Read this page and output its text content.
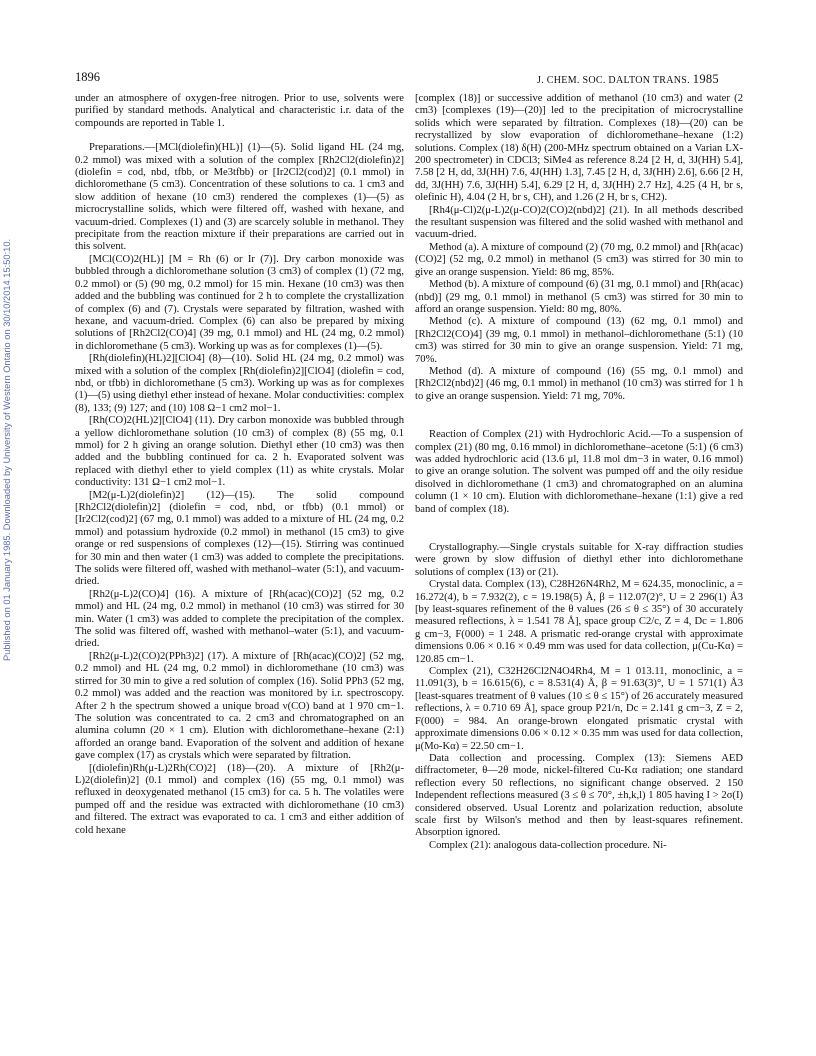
Published on 01 January 1985. Downloaded by University of Western Ontario on 30/10/2014 15:50:10.
1896	J. CHEM. SOC. DALTON TRANS. 1985

under an atmosphere of oxygen-free nitrogen. Prior to use, solvents were purified by standard methods. Analytical and characteristic i.r. data of the compounds are reported in Table 1.

Preparations.—[MCl(diolefin)(HL)] (1)—(5). Solid ligand HL (24 mg, 0.2 mmol) was mixed with a solution of the complex [Rh2Cl2(diolefin)2] (diolefin = cod, nbd, tfbb, or Me3tfbb) or [Ir2Cl2(cod)2] (0.1 mmol) in dichloromethane (5 cm3). Concentration of these solutions to ca. 1 cm3 and slow addition of hexane (10 cm3) rendered the complexes (1)—(5) as microcrystalline solids, which were filtered off, washed with hexane, and vacuum-dried. Complexes (1) and (3) are scarcely soluble in methanol. They precipitate from the reaction mixture if their preparations are carried out in this solvent.

[MCl(CO)2(HL)] [M = Rh (6) or Ir (7)]. Dry carbon monoxide was bubbled through a dichloromethane solution (3 cm3) of complex (1) (72 mg, 0.2 mmol) or (5) (90 mg, 0.2 mmol) for 15 min. Hexane (10 cm3) was then added and the bubbling was continued for 2 h to complete the crystallization of complex (6) and (7). Crystals were separated by filtration, washed with hexane, and vacuum-dried. Complex (6) can also be prepared by mixing solutions of [Rh2Cl2(CO)4] (39 mg, 0.1 mmol) and HL (24 mg, 0.2 mmol) in dichloromethane (5 cm3). Working up was as for complexes (1)—(5).

[Rh(diolefin)(HL)2][ClO4] (8)—(10). Solid HL (24 mg, 0.2 mmol) was mixed with a solution of the complex [Rh(diolefin)2][ClO4] (diolefin = cod, nbd, or tfbb) in dichloromethane (5 cm3). Working up was as for complexes (1)—(5) using diethyl ether instead of hexane. Molar conductivities: complex (8), 133; (9) 127; and (10) 108 Ω−1 cm2 mol−1.

[Rh(CO)2(HL)2][ClO4] (11). Dry carbon monoxide was bubbled through a yellow dichloromethane solution (10 cm3) of complex (8) (55 mg, 0.1 mmol) for 2 h giving an orange solution. Diethyl ether (10 cm3) was then added and the bubbling continued for ca. 2 h. Evaporated solvent was replaced with diethyl ether to yield complex (11) as white crystals. Molar conductivity: 131 Ω−1 cm2 mol−1.

[M2(μ-L)2(diolefin)2] (12)—(15). The solid compound [Rh2Cl2(diolefin)2] (diolefin = cod, nbd, or tfbb) (0.1 mmol) or [Ir2Cl2(cod)2] (67 mg, 0.1 mmol) was added to a mixture of HL (24 mg, 0.2 mmol) and potassium hydroxide (0.2 mmol) in methanol (15 cm3) to give orange or red suspensions of complexes (12)—(15). Stirring was continued for 30 min and then water (1 cm3) was added to complete the precipitations. The solids were filtered off, washed with methanol–water (5:1), and vacuum-dried.

[Rh2(μ-L)2(CO)4] (16). A mixture of [Rh(acac)(CO)2] (52 mg, 0.2 mmol) and HL (24 mg, 0.2 mmol) in methanol (10 cm3) was stirred for 30 min. Water (1 cm3) was added to complete the precipitation of the complex. The solid was filtered off, washed with methanol–water (5:1), and vacuum-dried.

[Rh2(μ-L)2(CO)2(PPh3)2] (17). A mixture of [Rh(acac)(CO)2] (52 mg, 0.2 mmol) and HL (24 mg, 0.2 mmol) in dichloromethane (10 cm3) was stirred for 30 min to give a red solution of complex (16). Solid PPh3 (52 mg, 0.2 mmol) was added and the reaction was monitored by i.r. spectroscopy. After 2 h the spectrum showed a unique broad ν(CO) band at 1 970 cm−1. The solution was concentrated to ca. 2 cm3 and chromatographed on an alumina column (20 × 1 cm). Elution with dichloromethane–hexane (2:1) afforded an orange band. Evaporation of the solvent and addition of hexane gave complex (17) as crystals which were separated by filtration.

[(diolefin)Rh(μ-L)2Rh(CO)2] (18)—(20). A mixture of [Rh2(μ-L)2(diolefin)2] (0.1 mmol) and complex (16) (55 mg, 0.1 mmol) was refluxed in deoxygenated methanol (15 cm3) for ca. 5 h. The volatiles were pumped off and the residue was extracted with dichloromethane (10 cm3) and filtered. The extract was evaporated to ca. 1 cm3 and either addition of cold hexane

[complex (18)] or successive addition of methanol (10 cm3) and water (2 cm3) [complexes (19)—(20)] led to the precipitation of microcrystalline solids which were separated by filtration. Complexes (18)—(20) can be recrystallized by slow evaporation of dichloromethane–hexane (1:2) solutions. Complex (18) δ(H) (200-MHz spectrum obtained on a Varian LX-200 spectrometer) in CDCl3; SiMe4 as reference 8.24 [2 H, d, 3J(HH) 5.4], 7.58 [2 H, dd, 3J(HH) 7.6, 4J(HH) 1.3], 7.45 [2 H, d, 3J(HH) 2.6], 6.66 [2 H, dd, 3J(HH) 7.6, 3J(HH) 5.4], 6.29 [2 H, d, 3J(HH) 2.7 Hz], 4.25 (4 H, br s, olefinic H), 4.04 (2 H, br s, CH), and 1.26 (2 H, br s, CH2).

[Rh4(μ-Cl)2(μ-L)2(μ-CO)2(CO)2(nbd)2] (21). In all methods described the resultant suspension was filtered and the solid washed with methanol and vacuum-dried.

Method (a). A mixture of compound (2) (70 mg, 0.2 mmol) and [Rh(acac)(CO)2] (52 mg, 0.2 mmol) in methanol (5 cm3) was stirred for 30 min to give an orange suspension. Yield: 86 mg, 85%.

Method (b). A mixture of compound (6) (31 mg, 0.1 mmol) and [Rh(acac)(nbd)] (29 mg, 0.1 mmol) in methanol (5 cm3) was stirred for 30 min to afford an orange suspension. Yield: 80 mg, 80%.

Method (c). A mixture of compound (13) (62 mg, 0.1 mmol) and [Rh2Cl2(CO)4] (39 mg, 0.1 mmol) in methanol–dichloromethane (5:1) (10 cm3) was stirred for 30 min to give an orange suspension. Yield: 71 mg, 70%.

Method (d). A mixture of compound (16) (55 mg, 0.1 mmol) and [Rh2Cl2(nbd)2] (46 mg, 0.1 mmol) in methanol (10 cm3) was stirred for 1 h to give an orange suspension. Yield: 71 mg, 70%.

Reaction of Complex (21) with Hydrochloric Acid.—To a suspension of complex (21) (80 mg, 0.16 mmol) in dichloromethane–acetone (5:1) (6 cm3) was added hydrochloric acid (13.6 μl, 11.8 mol dm−3 in water, 0.16 mmol) to give an orange solution. The solvent was pumped off and the oily residue disolved in dichloromethane (1 cm3) and chromatographed on an alumina column (1 × 10 cm). Elution with dichloromethane–hexane (1:1) give a red band of complex (18).

Crystallography.—Single crystals suitable for X-ray diffraction studies were grown by slow diffusion of diethyl ether into dichloromethane solutions of complex (13) or (21).

Crystal data. Complex (13), C28H26N4Rh2, M = 624.35, monoclinic, a = 16.272(4), b = 7.932(2), c = 19.198(5) Å, β = 112.07(2)°, U = 2 296(1) Å3 [by least-squares refinement of the θ values (26 ≤ θ ≤ 35°) of 30 accurately measured reflections, λ = 1.541 78 Å], space group C2/c, Z = 4, Dc = 1.806 g cm−3, F(000) = 1 248. A prismatic red-orange crystal with approximate dimensions 0.06 × 0.16 × 0.49 mm was used for data collection, μ(Cu-Kα) = 120.85 cm−1.

Complex (21), C32H26Cl2N4O4Rh4, M = 1 013.11, monoclinic, a = 11.091(3), b = 16.615(6), c = 8.531(4) Å, β = 91.63(3)°, U = 1 571(1) Å3 [least-squares treatment of θ values (10 ≤ θ ≤ 15°) of 26 accurately measured reflections, λ = 0.710 69 Å], space group P21/n, Dc = 2.141 g cm−3, Z = 2, F(000) = 984. An orange-brown elongated prismatic crystal with approximate dimensions 0.06 × 0.12 × 0.35 mm was used for data collection, μ(Mo-Kα) = 22.50 cm−1.

Data collection and processing. Complex (13): Siemens AED diffractometer, θ—2θ mode, nickel-filtered Cu-Kα radiation; one standard reflection every 50 reflections, no significant change observed. 2 150 Independent reflections measured (3 ≤ θ ≤ 70°, ±h,k,l) 1 805 having I > 2σ(I) considered observed. Usual Lorentz and polarization reduction, absolute scale first by Wilson's method and then by least-squares refinement. Absorption ignored.

Complex (21): analogous data-collection procedure. Ni-
